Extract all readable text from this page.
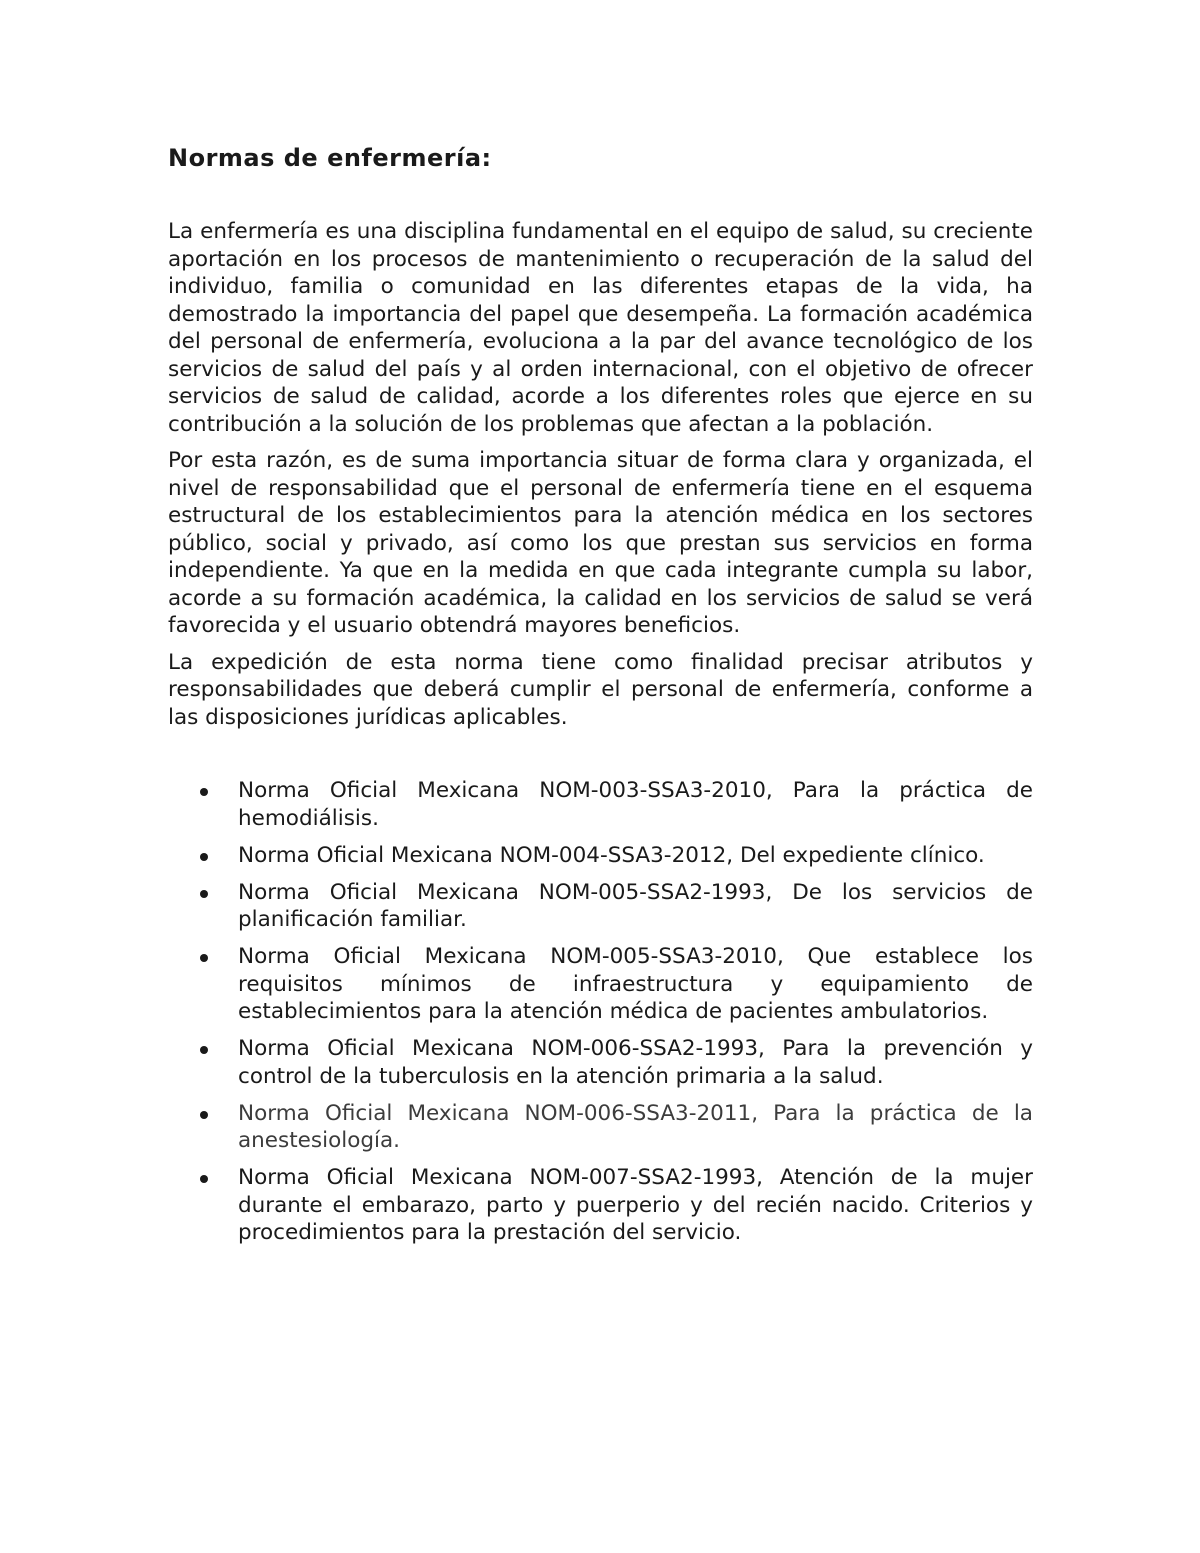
Normas de enfermería:

La enfermería es una disciplina fundamental en el equipo de salud, su creciente aportación en los procesos de mantenimiento o recuperación de la salud del individuo, familia o comunidad en las diferentes etapas de la vida, ha demostrado la importancia del papel que desempeña. La formación académica del personal de enfermería, evoluciona a la par del avance tecnológico de los servicios de salud del país y al orden internacional, con el objetivo de ofrecer servicios de salud de calidad, acorde a los diferentes roles que ejerce en su contribución a la solución de los problemas que afectan a la población.

Por esta razón, es de suma importancia situar de forma clara y organizada, el nivel de responsabilidad que el personal de enfermería tiene en el esquema estructural de los establecimientos para la atención médica en los sectores público, social y privado, así como los que prestan sus servicios en forma independiente. Ya que en la medida en que cada integrante cumpla su labor, acorde a su formación académica, la calidad en los servicios de salud se verá favorecida y el usuario obtendrá mayores beneficios.

La expedición de esta norma tiene como finalidad precisar atributos y responsabilidades que deberá cumplir el personal de enfermería, conforme a las disposiciones jurídicas aplicables.

Norma Oficial Mexicana NOM-003-SSA3-2010, Para la práctica de hemodiálisis.
Norma Oficial Mexicana NOM-004-SSA3-2012, Del expediente clínico.
Norma Oficial Mexicana NOM-005-SSA2-1993, De los servicios de planificación familiar.
Norma Oficial Mexicana NOM-005-SSA3-2010, Que establece los requisitos mínimos de infraestructura y equipamiento de establecimientos para la atención médica de pacientes ambulatorios.
Norma Oficial Mexicana NOM-006-SSA2-1993, Para la prevención y control de la tuberculosis en la atención primaria a la salud.
Norma Oficial Mexicana NOM-006-SSA3-2011, Para la práctica de la anestesiología.
Norma Oficial Mexicana NOM-007-SSA2-1993, Atención de la mujer durante el embarazo, parto y puerperio y del recién nacido. Criterios y procedimientos para la prestación del servicio.
